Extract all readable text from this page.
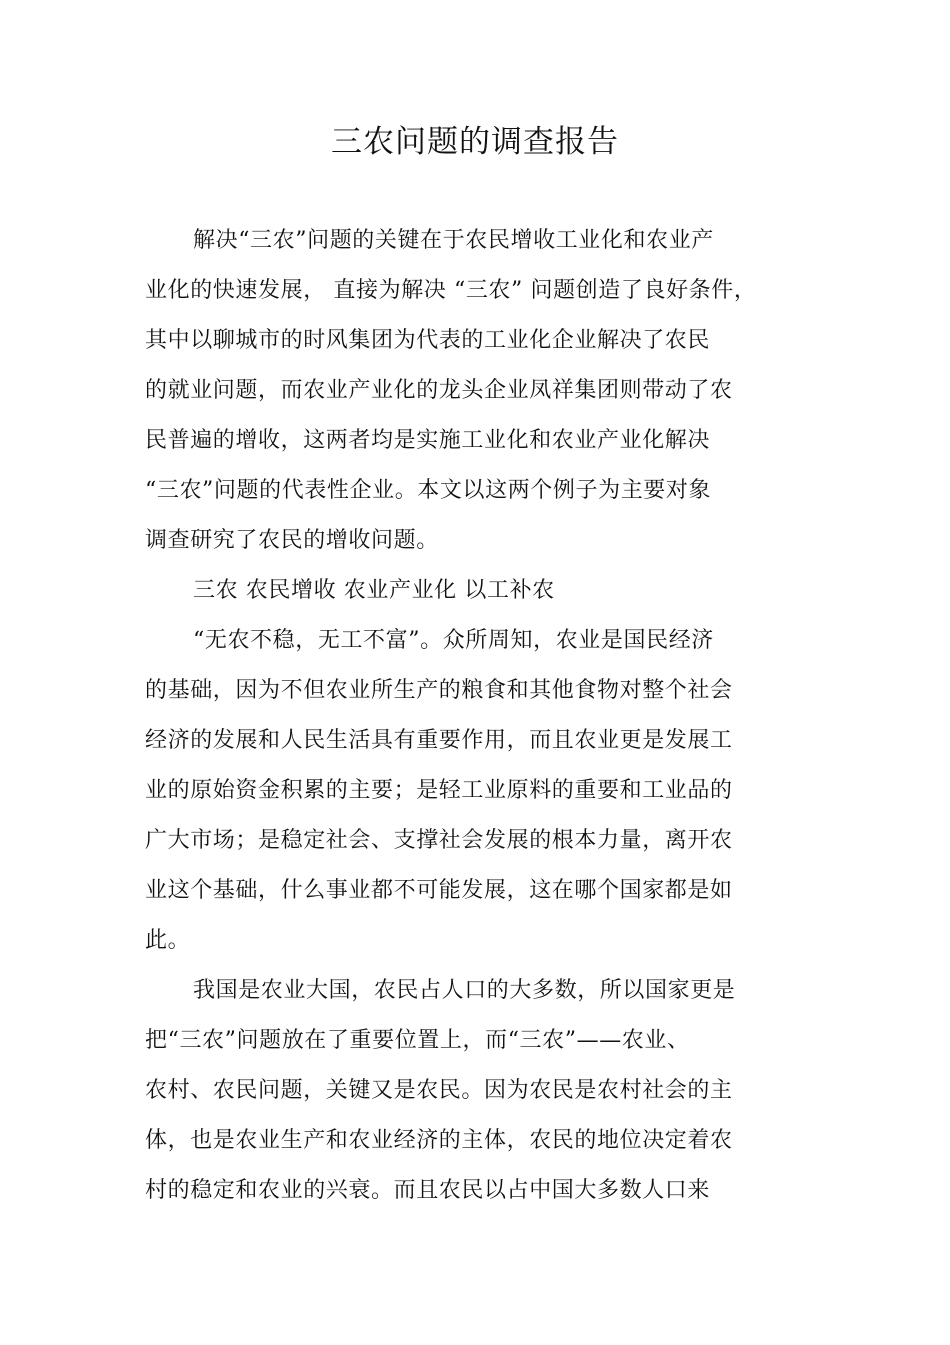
三农问题的调查报告

解决“三农”问题的关键在于农民增收工业化和农业产

业化的快速发展， 直接为解决 “三农” 问题创造了良好条件，

其中以聊城市的时风集团为代表的工业化企业解决了农民

的就业问题，而农业产业化的龙头企业凤祥集团则带动了农

民普遍的增收，这两者均是实施工业化和农业产业化解决

“三农”问题的代表性企业。本文以这两个例子为主要对象

调查研究了农民的增收问题。

三农 农民增收 农业产业化 以工补农

“无农不稳，无工不富”。众所周知，农业是国民经济

的基础，因为不但农业所生产的粮食和其他食物对整个社会

经济的发展和人民生活具有重要作用，而且农业更是发展工

业的原始资金积累的主要；是轻工业原料的重要和工业品的

广大市场；是稳定社会、支撑社会发展的根本力量，离开农

业这个基础，什么事业都不可能发展，这在哪个国家都是如

此。

我国是农业大国，农民占人口的大多数，所以国家更是

把“三农”问题放在了重要位置上，而“三农”——农业、

农村、农民问题，关键又是农民。因为农民是农村社会的主

体，也是农业生产和农业经济的主体，农民的地位决定着农

村的稳定和农业的兴衰。而且农民以占中国大多数人口来
